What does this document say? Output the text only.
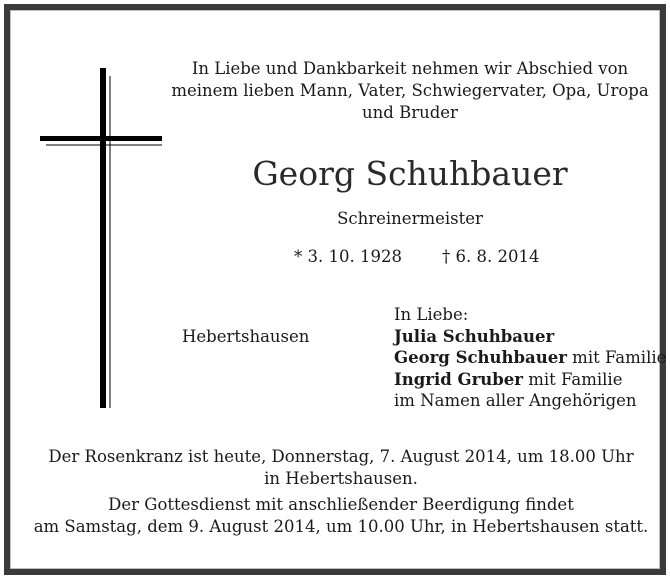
In Liebe und Dankbarkeit nehmen wir Abschied von
meinem lieben Mann, Vater, Schwiegervater, Opa, Uropa
und Bruder
Georg Schuhbauer
Schreinermeister
* 3. 10. 1928 † 6. 8. 2014
Hebertshausen
In Liebe:
Julia Schuhbauer
Georg Schuhbauer mit Familie
Ingrid Gruber mit Familie
im Namen aller Angehörigen
Der Rosenkranz ist heute, Donnerstag, 7. August 2014, um 18.00 Uhr
in Hebertshausen.
Der Gottesdienst mit anschließender Beerdigung findet
am Samstag, dem 9. August 2014, um 10.00 Uhr, in Hebertshausen statt.
